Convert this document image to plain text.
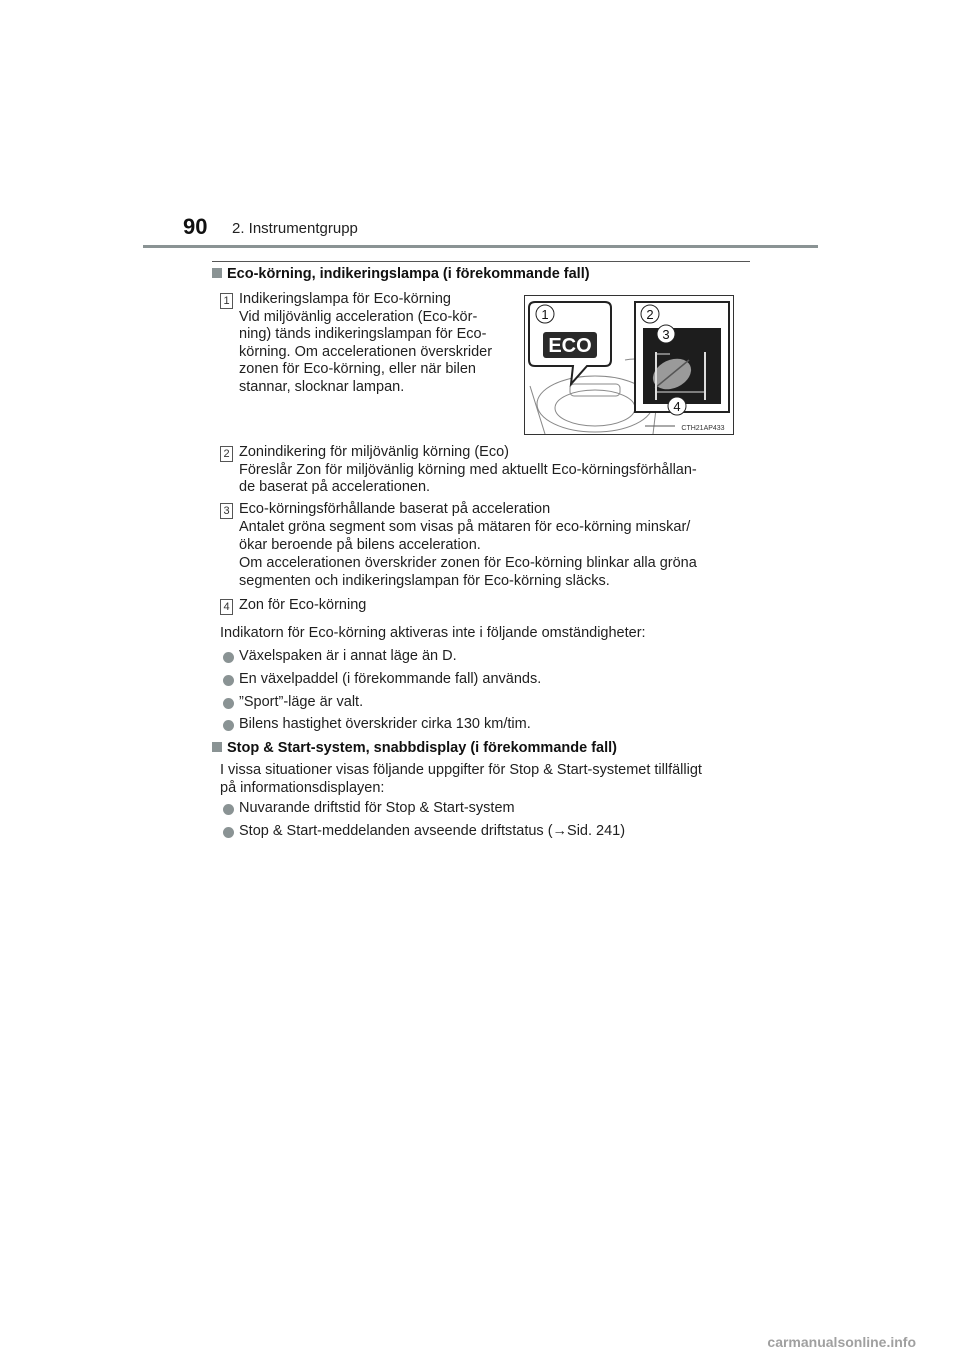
90 2. Instrumentgrupp
Eco-körning, indikeringslampa (i förekommande fall)
1 Indikeringslampa för Eco-körning
Vid miljövänlig acceleration (Eco-kör-
ning) tänds indikeringslampan för Eco-
körning. Om accelerationen överskrider
zonen för Eco-körning, eller när bilen
stannar, slocknar lampan.
ECO
1	2
3
4
CTH21AP433
2 Zonindikering för miljövänlig körning (Eco)
Föreslår Zon för miljövänlig körning med aktuellt Eco-körningsförhållan-
de baserat på accelerationen.
3 Eco-körningsförhållande baserat på acceleration
Antalet gröna segment som visas på mätaren för eco-körning minskar/
ökar beroende på bilens acceleration.
Om accelerationen överskrider zonen för Eco-körning blinkar alla gröna
segmenten och indikeringslampan för Eco-körning släcks.
4 Zon för Eco-körning
Indikatorn för Eco-körning aktiveras inte i följande omständigheter:
Växelspaken är i annat läge än D.
En växelpaddel (i förekommande fall) används.
”Sport”-läge är valt.
Bilens hastighet överskrider cirka 130 km/tim.
Stop & Start-system, snabbdisplay (i förekommande fall)
I vissa situationer visas följande uppgifter för Stop & Start-systemet tillfälligt
på informationsdisplayen:
Nuvarande driftstid för Stop & Start-system
Stop & Start-meddelanden avseende driftstatus (→Sid. 241)
carmanualsonline.info
